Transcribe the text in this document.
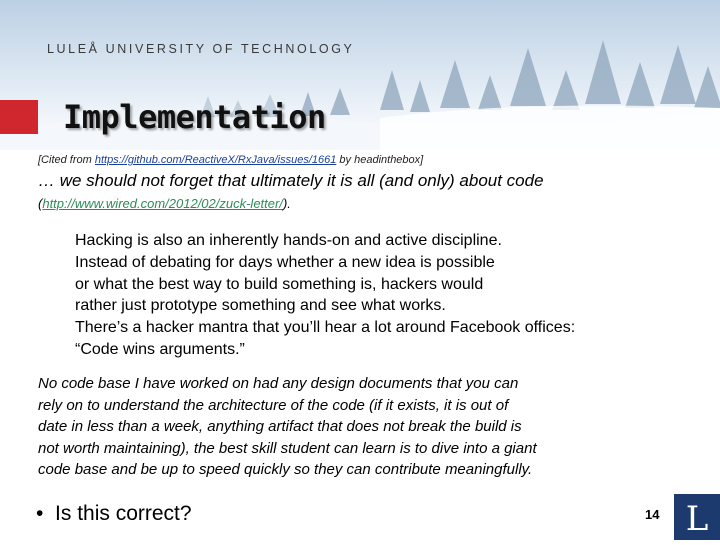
LULEÅ UNIVERSITY OF TECHNOLOGY
Implementation
[Cited from https://github.com/ReactiveX/RxJava/issues/1661 by headinthebox]
… we should not forget that ultimately it is all (and only) about code
(http://www.wired.com/2012/02/zuck-letter/).
Hacking is also an inherently hands-on and active discipline.
Instead of debating for days whether a new idea is possible
or what the best way to build something is, hackers would
rather just prototype something and see what works.
There’s a hacker mantra that you’ll hear a lot around Facebook offices:
“Code wins arguments.”
No code base I have worked on had any design documents that you can
rely on to understand the architecture of the code (if it exists, it is out of
date in less than a week, anything artifact that does not break the build is
not worth maintaining), the best skill student can learn is to dive into a giant
code base and be up to speed quickly so they can contribute meaningfully.
• Is this correct?	14 L
